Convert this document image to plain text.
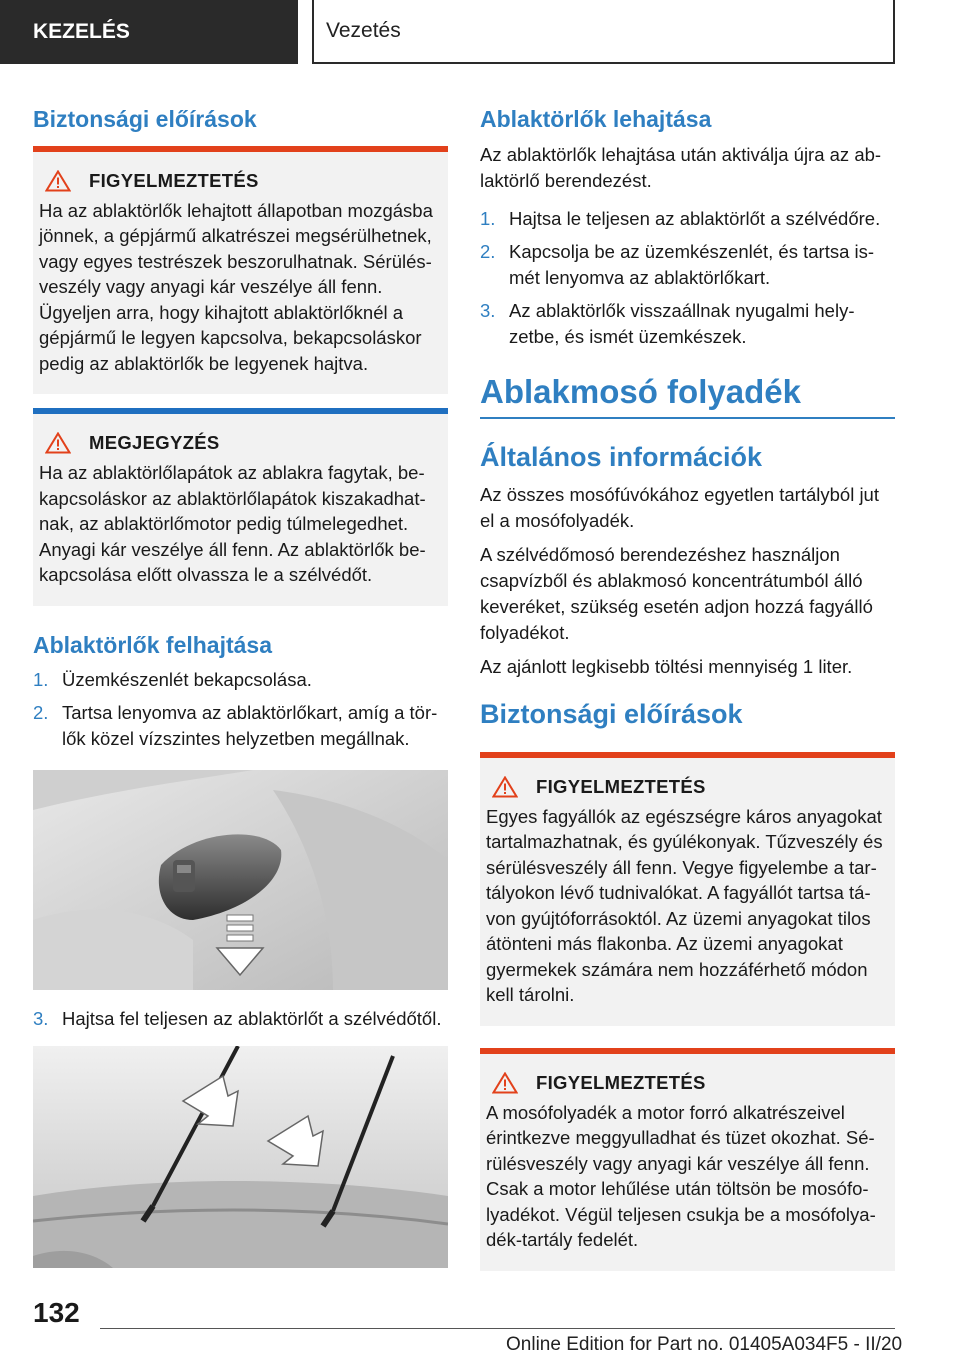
KEZELÉS	Vezetés
Biztonsági előírások
FIGYELMEZTETÉS

Ha az ablaktörlők lehajtott állapotban mozgásba jönnek, a gépjármű alkatrészei megsérülhetnek, vagy egyes testrészek beszorulhatnak. Sérülés-veszély vagy anyagi kár veszélye áll fenn. Ügyeljen arra, hogy kihajtott ablaktörlőknél a gépjármű le legyen kapcsolva, bekapcsoláskor pedig az ablaktörlők be legyenek hajtva.

MEGJEGYZÉS

Ha az ablaktörlőlapátok az ablakra fagytak, be-kapcsoláskor az ablaktörlőlapátok kiszakadhat-nak, az ablaktörlőmotor pedig túlmelegedhet. Anyagi kár veszélye áll fenn. Az ablaktörlők be-kapcsolása előtt olvassza le a szélvédőt.

Ablaktörlők felhajtása
1. Üzemkészenlét bekapcsolása.
2. Tartsa lenyomva az ablaktörlőkart, amíg a tör-lők közel vízszintes helyzetben megállnak.
3. Hajtsa fel teljesen az ablaktörlőt a szélvédőtől.
Ablaktörlők lehajtása

Az ablaktörlők lehajtása után aktiválja újra az ab-laktörlő berendezést.

1. Hajtsa le teljesen az ablaktörlőt a szélvédőre.
2. Kapcsolja be az üzemkészenlét, és tartsa is-mét lenyomva az ablaktörlőkart.
3. Az ablaktörlők visszaállnak nyugalmi hely-zetbe, és ismét üzemkészek.
Ablakmosó folyadék
Általános információk

Az összes mosófúvókához egyetlen tartályból jut el a mosófolyadék.

A szélvédőmosó berendezéshez használjon csapvízből és ablakmosó koncentrátumból álló keveréket, szükség esetén adjon hozzá fagyálló folyadékot.

Az ajánlott legkisebb töltési mennyiség 1 liter.

Biztonsági előírások
FIGYELMEZTETÉS

Egyes fagyállók az egészségre káros anyagokat tartalmazhatnak, és gyúlékonyak. Tűzveszély és sérülésveszély áll fenn. Vegye figyelembe a tar-tályokon lévő tudnivalókat. A fagyállót tartsa tá-von gyújtóforrásoktól. Az üzemi anyagokat tilos átönteni más flakonba. Az üzemi anyagokat gyermekek számára nem hozzáférhető módon kell tárolni.

FIGYELMEZTETÉS

A mosófolyadék a motor forró alkatrészeivel érintkezve meggyulladhat és tüzet okozhat. Sé-rülésveszély vagy anyagi kár veszélye áll fenn. Csak a motor lehűlése után töltsön be mosófo-lyadékot. Végül teljesen csukja be a mosófolya-dék-tartály fedelét.

132
Online Edition for Part no. 01405A034F5 - II/20
